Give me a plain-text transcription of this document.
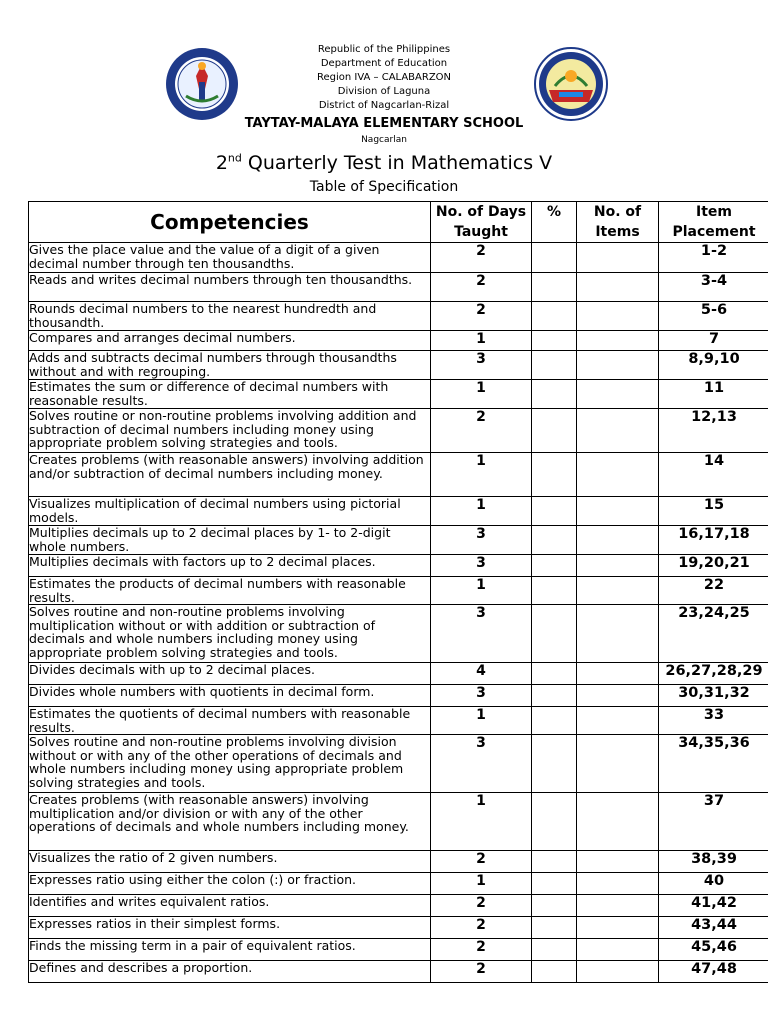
Republic of the Philippines
Department of Education
Region IVA – CALABARZON
Division of Laguna
District of Nagcarlan-Rizal
TAYTAY-MALAYA ELEMENTARY SCHOOL
Nagcarlan
2nd Quarterly Test in Mathematics V
Table of Specification
Competencies	No. of Days Taught	%	No. of Items	Item Placement
Gives the place value and the value of a digit of a given decimal number through ten thousandths.	2			1-2
Reads and writes decimal numbers through ten thousandths.	2			3-4
Rounds decimal numbers to the nearest hundredth and thousandth.	2			5-6
Compares and arranges decimal numbers.	1			7
Adds and subtracts decimal numbers through thousandths without and with regrouping.	3			8,9,10
Estimates the sum or difference of decimal numbers with reasonable results.	1			11
Solves routine or non-routine problems involving addition and subtraction of decimal numbers including money using appropriate problem solving strategies and tools.	2			12,13
Creates problems (with reasonable answers) involving addition and/or subtraction of decimal numbers including money.	1			14
Visualizes multiplication of decimal numbers using pictorial models.	1			15
Multiplies decimals up to 2 decimal places by 1- to 2-digit whole numbers.	3			16,17,18
Multiplies decimals with factors up to 2 decimal places.	3			19,20,21
Estimates the products of decimal numbers with reasonable results.	1			22
Solves routine and non-routine problems involving multiplication without or with addition or subtraction of decimals and whole numbers including money using appropriate problem solving strategies and tools.	3			23,24,25
Divides decimals with up to 2 decimal places.	4			26,27,28,29
Divides whole numbers with quotients in decimal form.	3			30,31,32
Estimates the quotients of decimal numbers with reasonable results.	1			33
Solves routine and non-routine problems involving division without or with any of the other operations of decimals and whole numbers including money using appropriate problem solving strategies and tools.	3			34,35,36
Creates problems (with reasonable answers) involving multiplication and/or division or with any of the other operations of decimals and whole numbers including money.	1			37
Visualizes the ratio of 2 given numbers.	2			38,39
Expresses ratio using either the colon (:) or fraction.	1			40
Identifies and writes equivalent ratios.	2			41,42
Expresses ratios in their simplest forms.	2			43,44
Finds the missing term in a pair of equivalent ratios.	2			45,46
Defines and describes a proportion.	2			47,48
